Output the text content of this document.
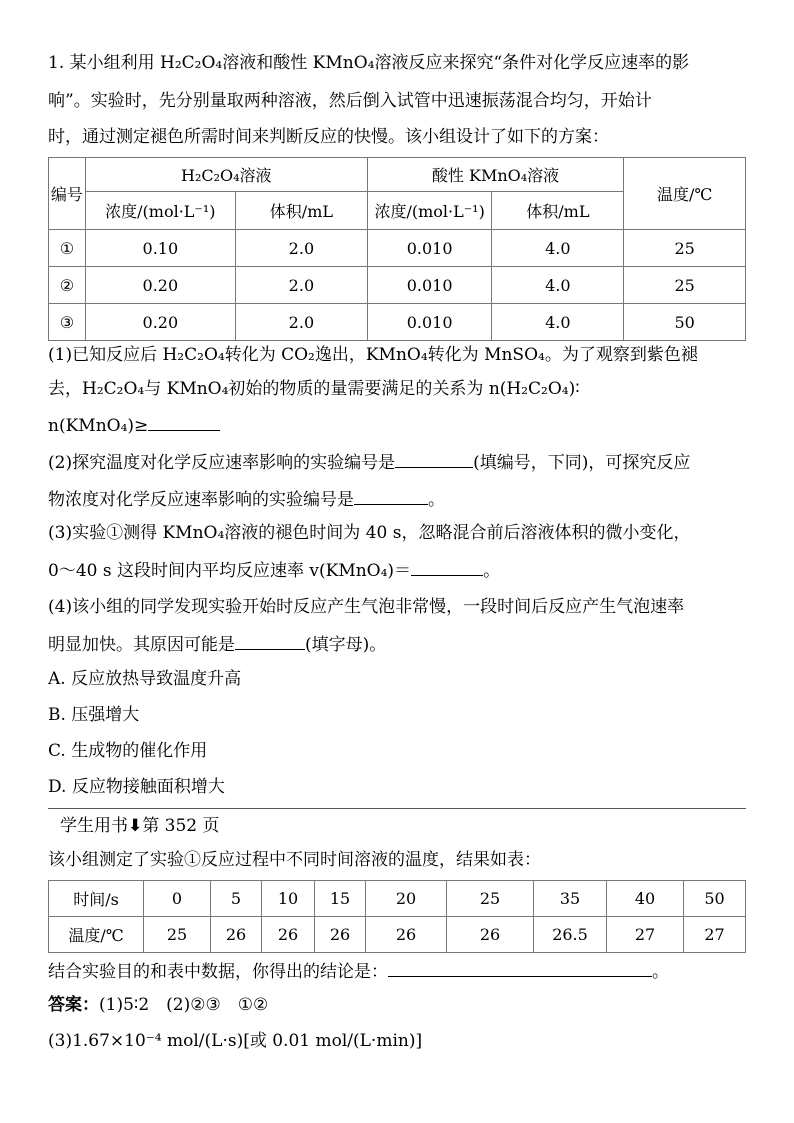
1. 某小组利用 H₂C₂O₄溶液和酸性 KMnO₄溶液反应来探究“条件对化学反应速率的影
响”。实验时，先分别量取两种溶液，然后倒入试管中迅速振荡混合均匀，开始计
时，通过测定褪色所需时间来判断反应的快慢。该小组设计了如下的方案：
编号	H₂C₂O₄溶液		酸性 KMnO₄溶液		温度/℃
	浓度/(mol·L⁻¹)	体积/mL	浓度/(mol·L⁻¹)	体积/mL	
①	0.10	2.0	0.010	4.0	25
②	0.20	2.0	0.010	4.0	25
③	0.20	2.0	0.010	4.0	50
(1)已知反应后 H₂C₂O₄转化为 CO₂逸出，KMnO₄转化为 MnSO₄。为了观察到紫色褪
去，H₂C₂O₄与 KMnO₄初始的物质的量需要满足的关系为 n(H₂C₂O₄)∶
n(KMnO₄)≥
(2)探究温度对化学反应速率影响的实验编号是	(填编号，下同)，可探究反应
物浓度对化学反应速率影响的实验编号是	。
(3)实验①测得 KMnO₄溶液的褪色时间为 40 s，忽略混合前后溶液体积的微小变化，
0～40 s 这段时间内平均反应速率 v(KMnO₄)＝	。
(4)该小组的同学发现实验开始时反应产生气泡非常慢，一段时间后反应产生气泡速率
明显加快。其原因可能是	(填字母)。
A. 反应放热导致温度升高
B. 压强增大
C. 生成物的催化作用
D. 反应物接触面积增大
学生用书⬇第 352 页
该小组测定了实验①反应过程中不同时间溶液的温度，结果如表：
时间/s	0	5	10	15	20	25	35	40	50
温度/℃	25	26	26	26	26	26	26.5	27	27
结合实验目的和表中数据，你得出的结论是：	。
答案：(1)5∶2　(2)②③　①②
(3)1.67×10⁻⁴ mol/(L·s)[或 0.01 mol/(L·min)]
